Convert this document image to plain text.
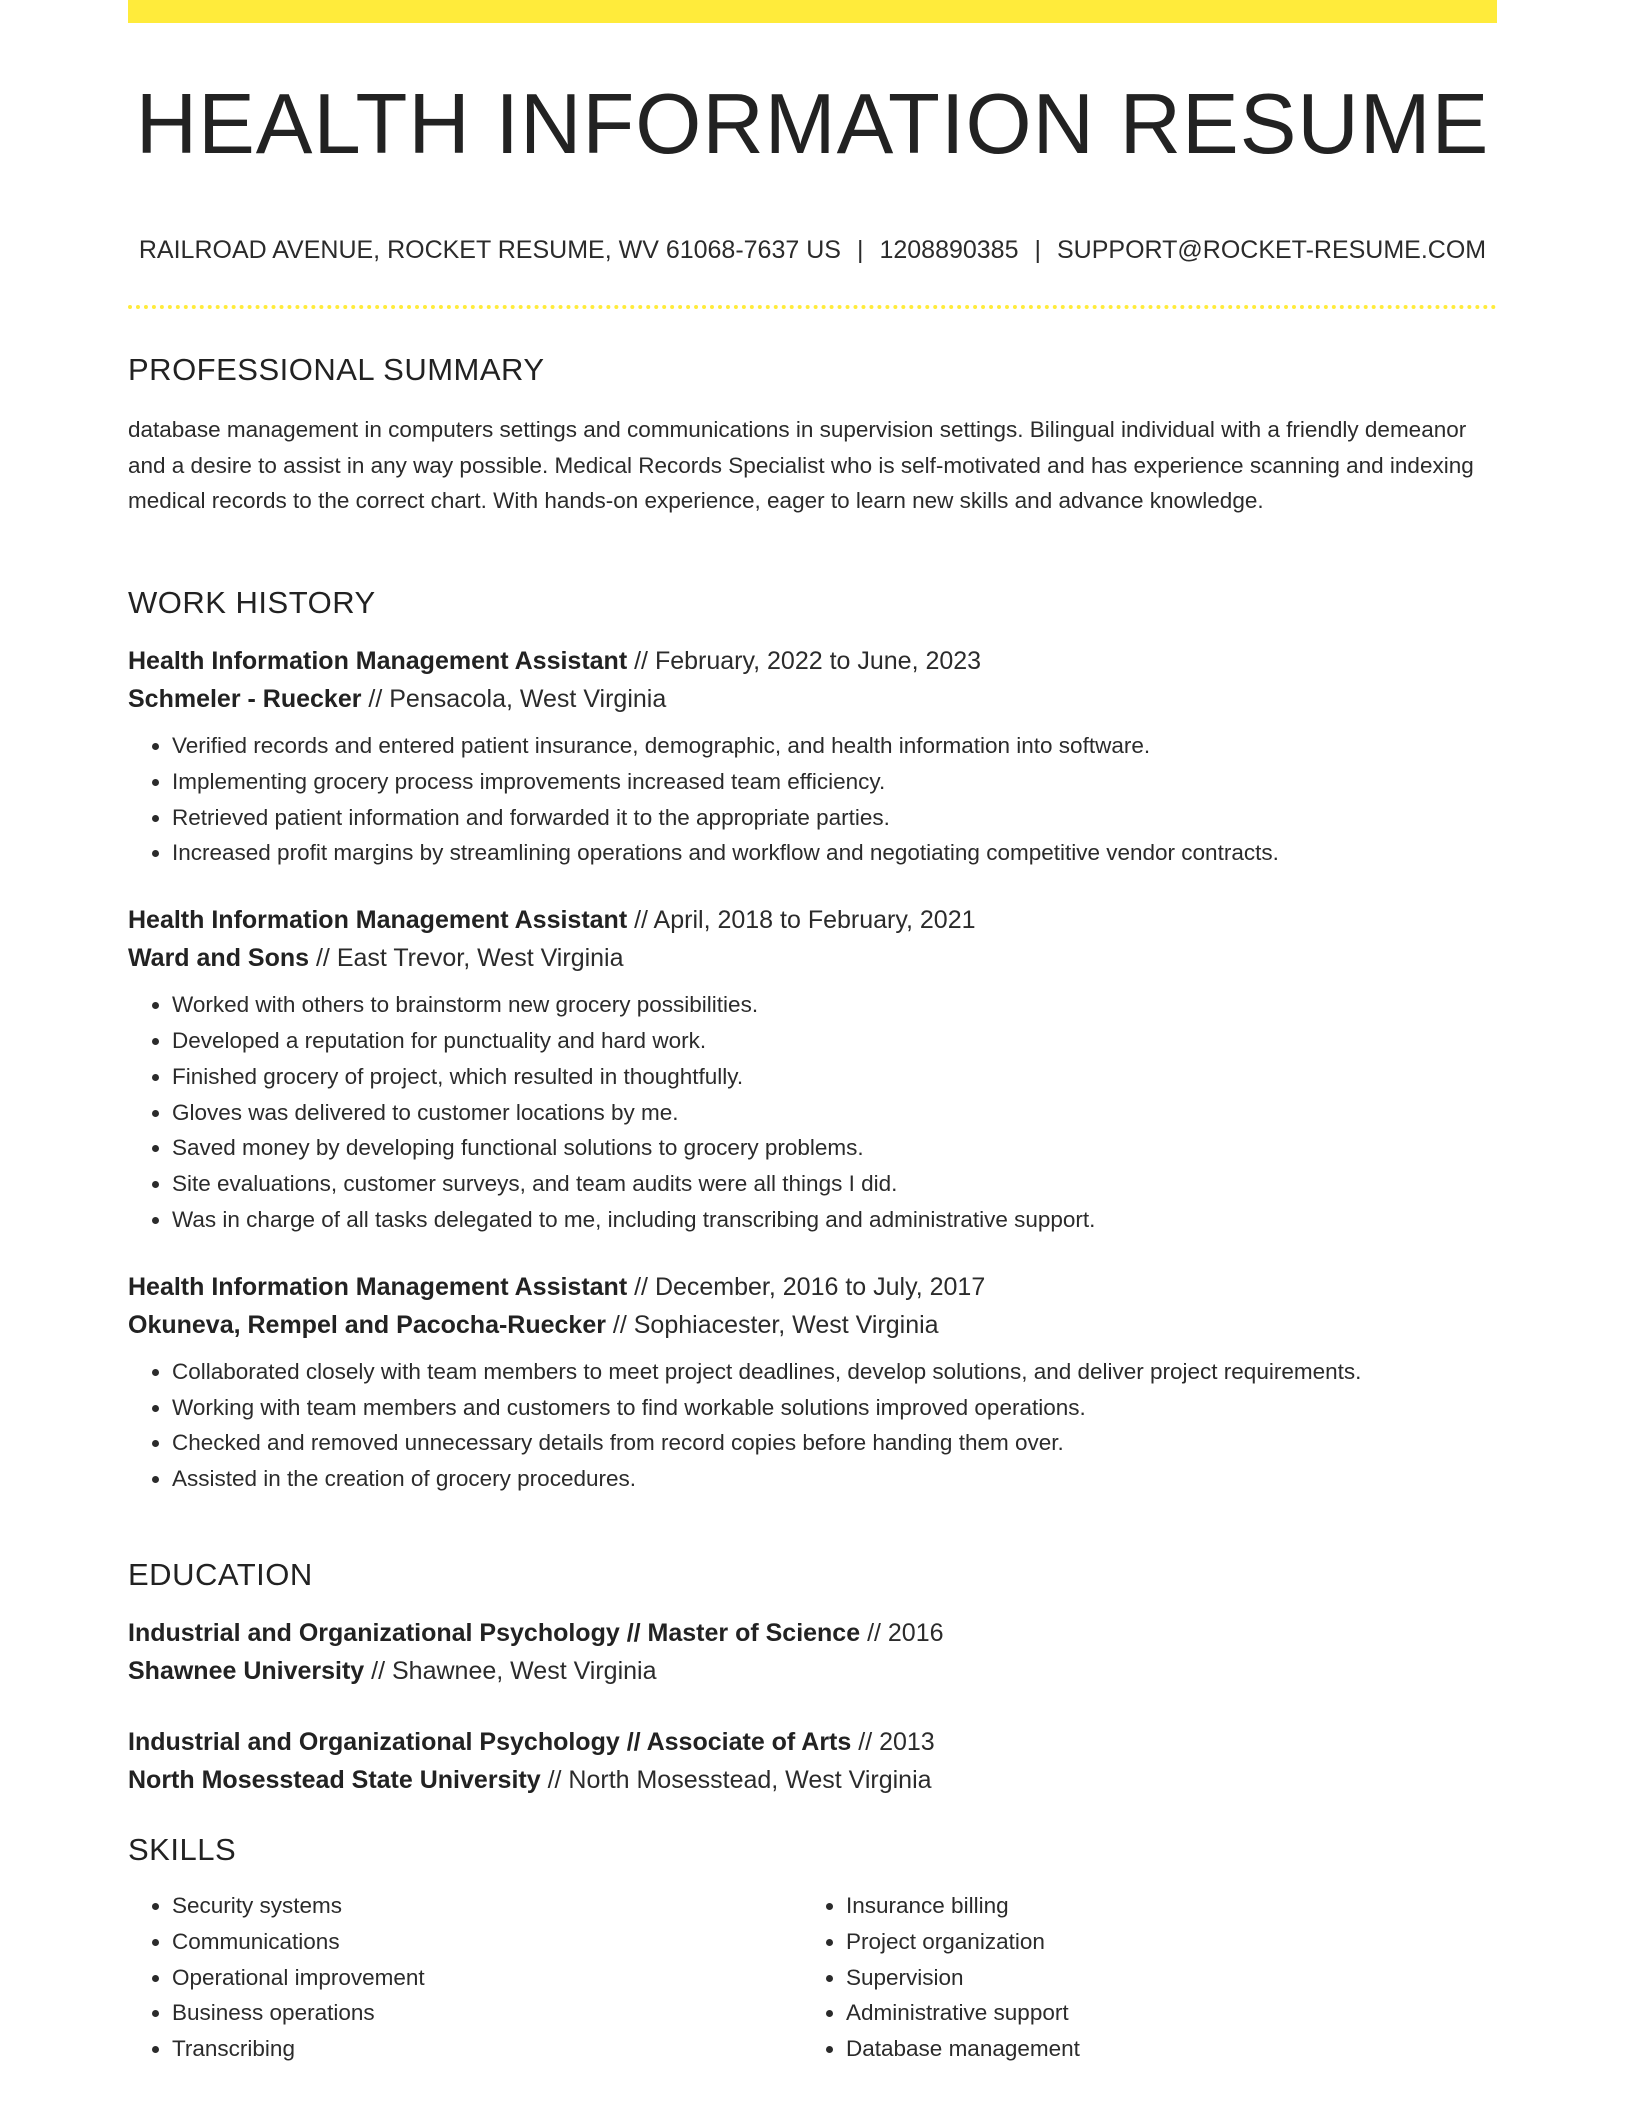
HEALTH INFORMATION RESUME
RAILROAD AVENUE, ROCKET RESUME, WV 61068-7637 US | 1208890385 | SUPPORT@ROCKET-RESUME.COM
PROFESSIONAL SUMMARY
database management in computers settings and communications in supervision settings. Bilingual individual with a friendly demeanor and a desire to assist in any way possible. Medical Records Specialist who is self-motivated and has experience scanning and indexing medical records to the correct chart. With hands-on experience, eager to learn new skills and advance knowledge.
WORK HISTORY
Health Information Management Assistant // February, 2022 to June, 2023
Schmeler - Ruecker // Pensacola, West Virginia
• Verified records and entered patient insurance, demographic, and health information into software.
• Implementing grocery process improvements increased team efficiency.
• Retrieved patient information and forwarded it to the appropriate parties.
• Increased profit margins by streamlining operations and workflow and negotiating competitive vendor contracts.
Health Information Management Assistant // April, 2018 to February, 2021
Ward and Sons // East Trevor, West Virginia
• Worked with others to brainstorm new grocery possibilities.
• Developed a reputation for punctuality and hard work.
• Finished grocery of project, which resulted in thoughtfully.
• Gloves was delivered to customer locations by me.
• Saved money by developing functional solutions to grocery problems.
• Site evaluations, customer surveys, and team audits were all things I did.
• Was in charge of all tasks delegated to me, including transcribing and administrative support.
Health Information Management Assistant // December, 2016 to July, 2017
Okuneva, Rempel and Pacocha-Ruecker // Sophiacester, West Virginia
• Collaborated closely with team members to meet project deadlines, develop solutions, and deliver project requirements.
• Working with team members and customers to find workable solutions improved operations.
• Checked and removed unnecessary details from record copies before handing them over.
• Assisted in the creation of grocery procedures.
EDUCATION
Industrial and Organizational Psychology // Master of Science // 2016
Shawnee University // Shawnee, West Virginia
Industrial and Organizational Psychology // Associate of Arts // 2013
North Mosesstead State University // North Mosesstead, West Virginia
SKILLS
• Security systems
• Communications
• Operational improvement
• Business operations
• Transcribing
• Insurance billing
• Project organization
• Supervision
• Administrative support
• Database management
